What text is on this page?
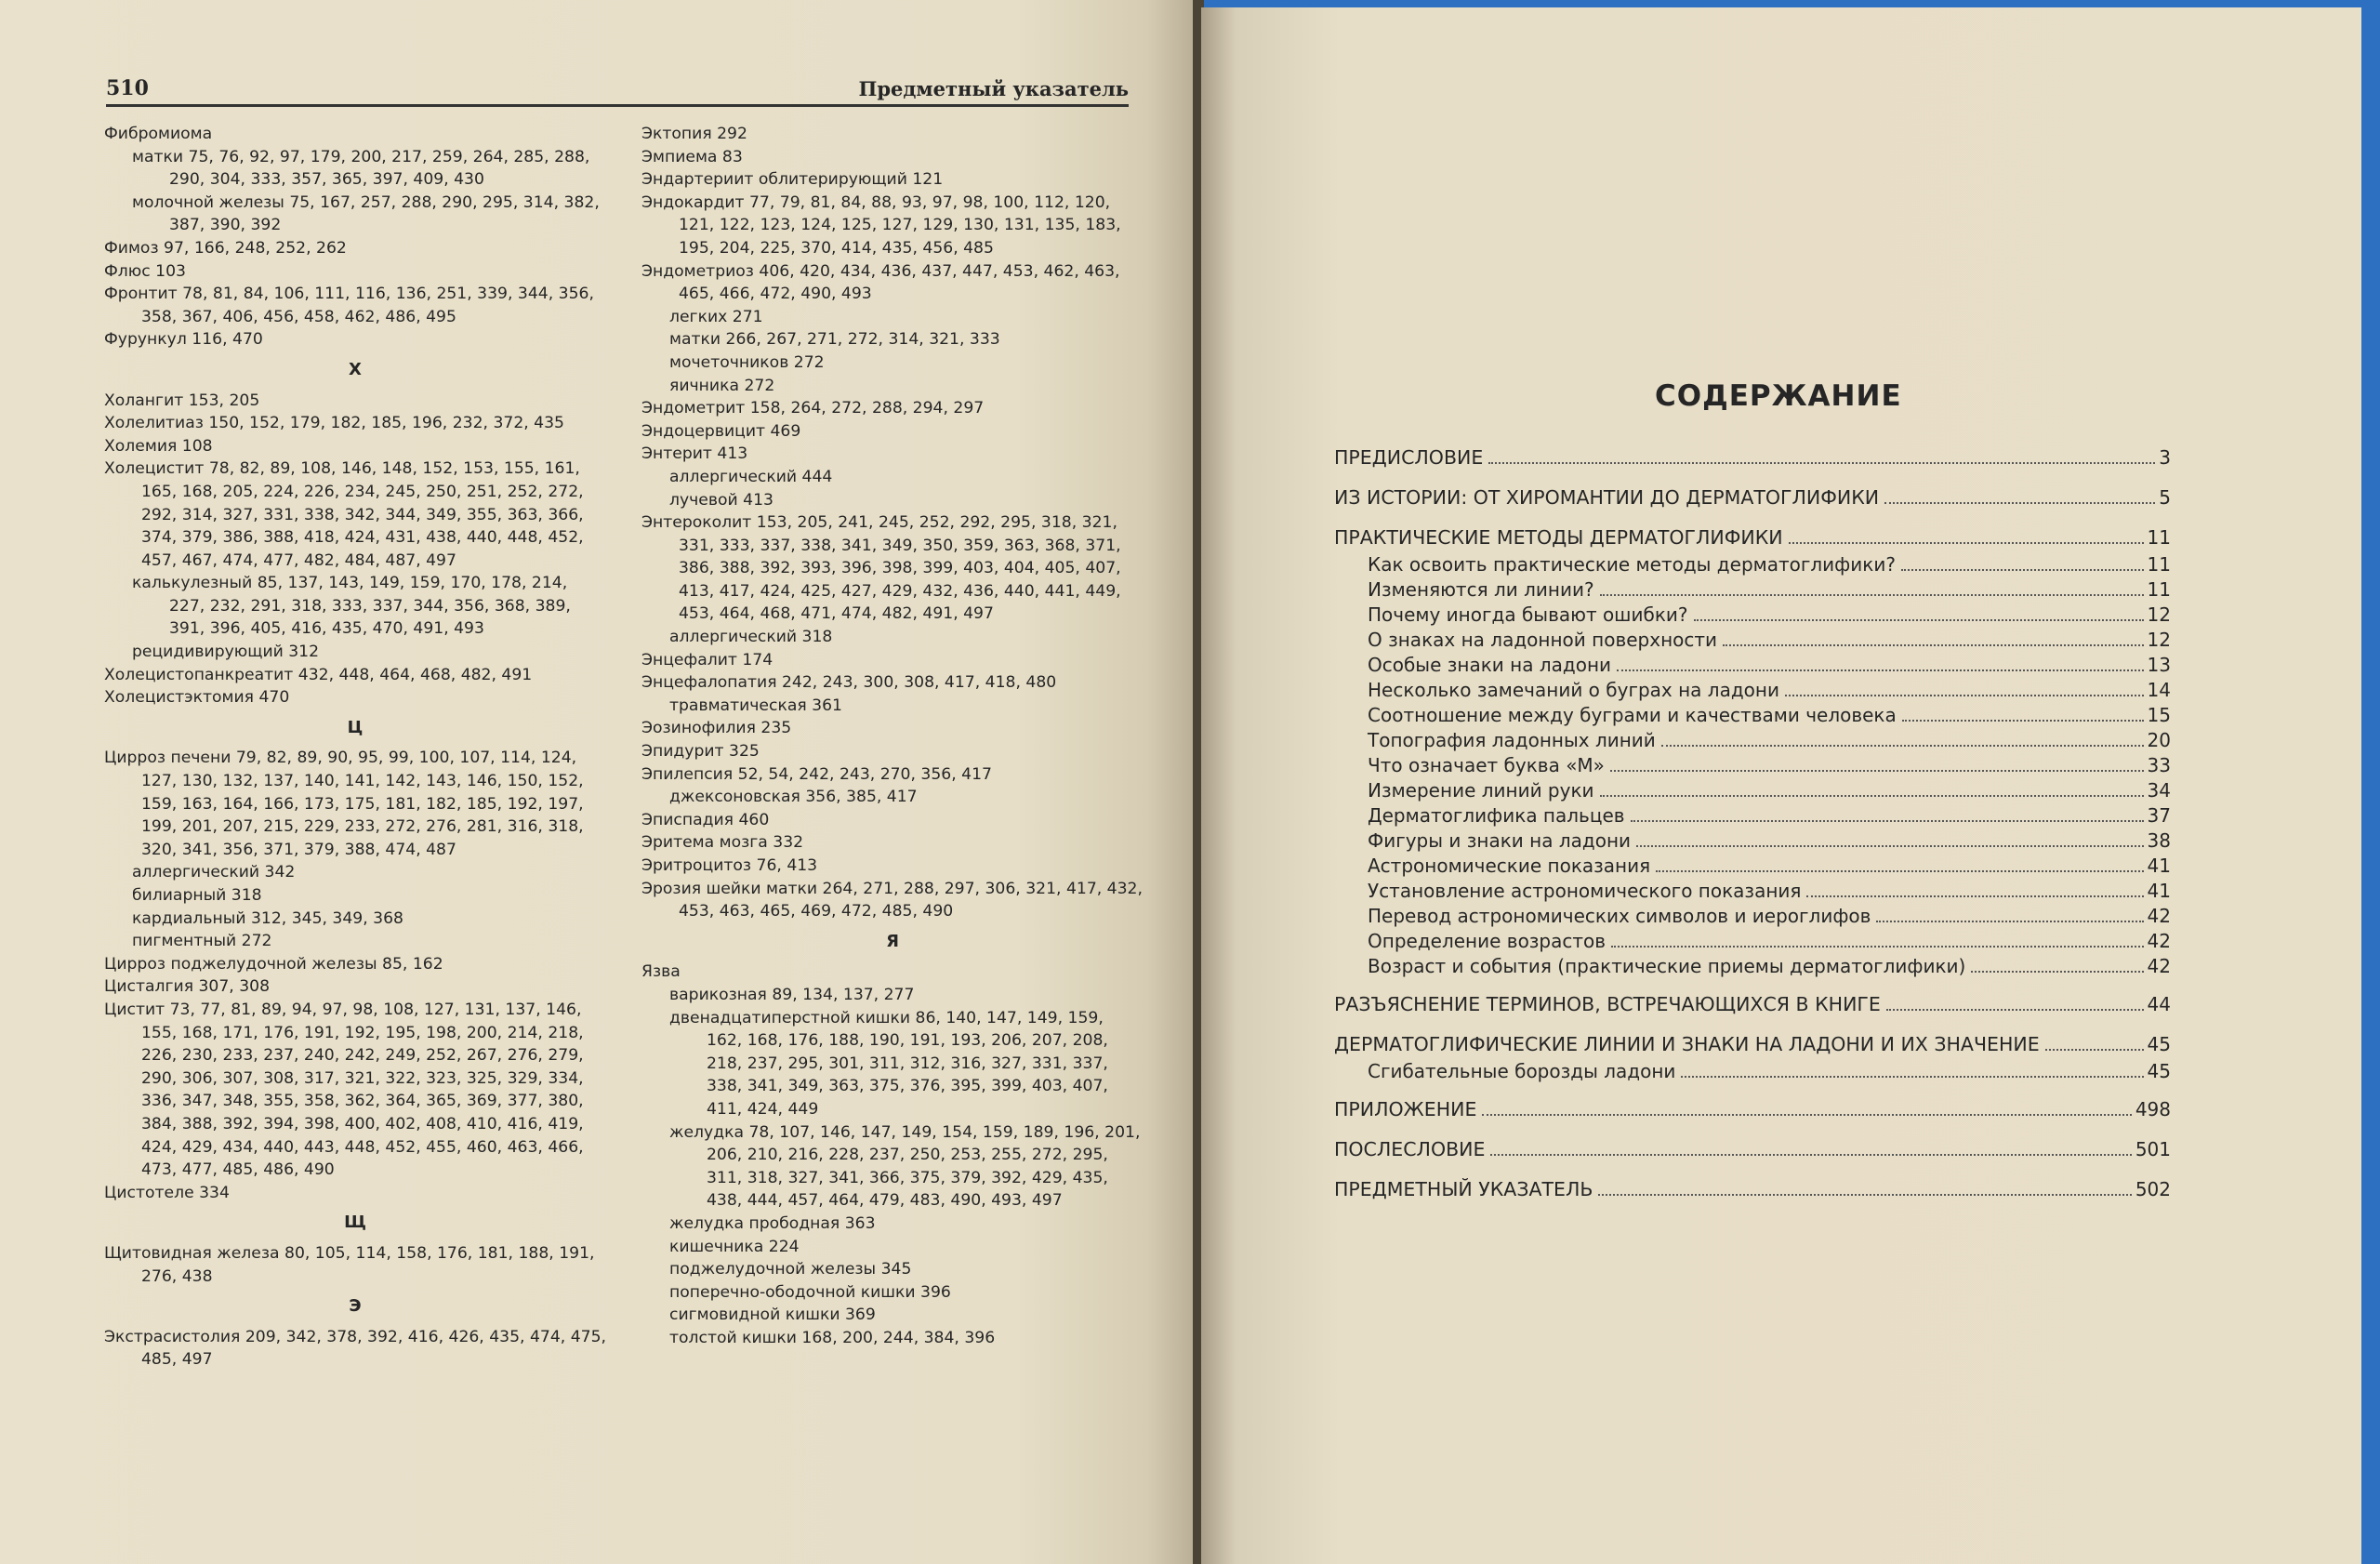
510	Предметный указатель
Фибромиома
матки 75, 76, 92, 97, 179, 200, 217, 259, 264, 285, 288, 290, 304, 333, 357, 365, 397, 409, 430
молочной железы 75, 167, 257, 288, 290, 295, 314, 382, 387, 390, 392
Фимоз 97, 166, 248, 252, 262
Флюс 103
Фронтит 78, 81, 84, 106, 111, 116, 136, 251, 339, 344, 356, 358, 367, 406, 456, 458, 462, 486, 495
Фурункул 116, 470
Х
Холангит 153, 205
Холелитиаз 150, 152, 179, 182, 185, 196, 232, 372, 435
Холемия 108
Холецистит 78, 82, 89, 108, 146, 148, 152, 153, 155, 161, 165, 168, 205, 224, 226, 234, 245, 250, 251, 252, 272, 292, 314, 327, 331, 338, 342, 344, 349, 355, 363, 366, 374, 379, 386, 388, 418, 424, 431, 438, 440, 448, 452, 457, 467, 474, 477, 482, 484, 487, 497
калькулезный 85, 137, 143, 149, 159, 170, 178, 214, 227, 232, 291, 318, 333, 337, 344, 356, 368, 389, 391, 396, 405, 416, 435, 470, 491, 493
рецидивирующий 312
Холецистопанкреатит 432, 448, 464, 468, 482, 491
Холецистэктомия 470
Ц
Цирроз печени 79, 82, 89, 90, 95, 99, 100, 107, 114, 124, 127, 130, 132, 137, 140, 141, 142, 143, 146, 150, 152, 159, 163, 164, 166, 173, 175, 181, 182, 185, 192, 197, 199, 201, 207, 215, 229, 233, 272, 276, 281, 316, 318, 320, 341, 356, 371, 379, 388, 474, 487
аллергический 342
билиарный 318
кардиальный 312, 345, 349, 368
пигментный 272
Цирроз поджелудочной железы 85, 162
Цисталгия 307, 308
Цистит 73, 77, 81, 89, 94, 97, 98, 108, 127, 131, 137, 146, 155, 168, 171, 176, 191, 192, 195, 198, 200, 214, 218, 226, 230, 233, 237, 240, 242, 249, 252, 267, 276, 279, 290, 306, 307, 308, 317, 321, 322, 323, 325, 329, 334, 336, 347, 348, 355, 358, 362, 364, 365, 369, 377, 380, 384, 388, 392, 394, 398, 400, 402, 408, 410, 416, 419, 424, 429, 434, 440, 443, 448, 452, 455, 460, 463, 466, 473, 477, 485, 486, 490
Цистотеле 334
Щ
Щитовидная железа 80, 105, 114, 158, 176, 181, 188, 191, 276, 438
Э
Экстрасистолия 209, 342, 378, 392, 416, 426, 435, 474, 475, 485, 497
Эктопия 292
Эмпиема 83
Эндартериит облитерирующий 121
Эндокардит 77, 79, 81, 84, 88, 93, 97, 98, 100, 112, 120, 121, 122, 123, 124, 125, 127, 129, 130, 131, 135, 183, 195, 204, 225, 370, 414, 435, 456, 485
Эндометриоз 406, 420, 434, 436, 437, 447, 453, 462, 463, 465, 466, 472, 490, 493
легких 271
матки 266, 267, 271, 272, 314, 321, 333
мочеточников 272
яичника 272
Эндометрит 158, 264, 272, 288, 294, 297
Эндоцервицит 469
Энтерит 413
аллергический 444
лучевой 413
Энтероколит 153, 205, 241, 245, 252, 292, 295, 318, 321, 331, 333, 337, 338, 341, 349, 350, 359, 363, 368, 371, 386, 388, 392, 393, 396, 398, 399, 403, 404, 405, 407, 413, 417, 424, 425, 427, 429, 432, 436, 440, 441, 449, 453, 464, 468, 471, 474, 482, 491, 497
аллергический 318
Энцефалит 174
Энцефалопатия 242, 243, 300, 308, 417, 418, 480
травматическая 361
Эозинофилия 235
Эпидурит 325
Эпилепсия 52, 54, 242, 243, 270, 356, 417
джексоновская 356, 385, 417
Эписпадия 460
Эритема мозга 332
Эритроцитоз 76, 413
Эрозия шейки матки 264, 271, 288, 297, 306, 321, 417, 432, 453, 463, 465, 469, 472, 485, 490
Я
Язва
варикозная 89, 134, 137, 277
двенадцатиперстной кишки 86, 140, 147, 149, 159, 162, 168, 176, 188, 190, 191, 193, 206, 207, 208, 218, 237, 295, 301, 311, 312, 316, 327, 331, 337, 338, 341, 349, 363, 375, 376, 395, 399, 403, 407, 411, 424, 449
желудка 78, 107, 146, 147, 149, 154, 159, 189, 196, 201, 206, 210, 216, 228, 237, 250, 253, 255, 272, 295, 311, 318, 327, 341, 366, 375, 379, 392, 429, 435, 438, 444, 457, 464, 479, 483, 490, 493, 497
желудка прободная 363
кишечника 224
поджелудочной железы 345
поперечно-ободочной кишки 396
сигмовидной кишки 369
толстой кишки 168, 200, 244, 384, 396
СОДЕРЖАНИЕ
ПРЕДИСЛОВИЕ	3
ИЗ ИСТОРИИ: ОТ ХИРОМАНТИИ ДО ДЕРМАТОГЛИФИКИ	5
ПРАКТИЧЕСКИЕ МЕТОДЫ ДЕРМАТОГЛИФИКИ	11
Как освоить практические методы дерматоглифики?	11
Изменяются ли линии?	11
Почему иногда бывают ошибки?	12
О знаках на ладонной поверхности	12
Особые знаки на ладони	13
Несколько замечаний о буграх на ладони	14
Соотношение между буграми и качествами человека	15
Топография ладонных линий	20
Что означает буква «М»	33
Измерение линий руки	34
Дерматоглифика пальцев	37
Фигуры и знаки на ладони	38
Астрономические показания	41
Установление астрономического показания	41
Перевод астрономических символов и иероглифов	42
Определение возрастов	42
Возраст и события (практические приемы дерматоглифики)	42
РАЗЪЯСНЕНИЕ ТЕРМИНОВ, ВСТРЕЧАЮЩИХСЯ В КНИГЕ	44
ДЕРМАТОГЛИФИЧЕСКИЕ ЛИНИИ И ЗНАКИ НА ЛАДОНИ И ИХ ЗНАЧЕНИЕ	45
Сгибательные борозды ладони	45
ПРИЛОЖЕНИЕ	498
ПОСЛЕСЛОВИЕ	501
ПРЕДМЕТНЫЙ УКАЗАТЕЛЬ	502
